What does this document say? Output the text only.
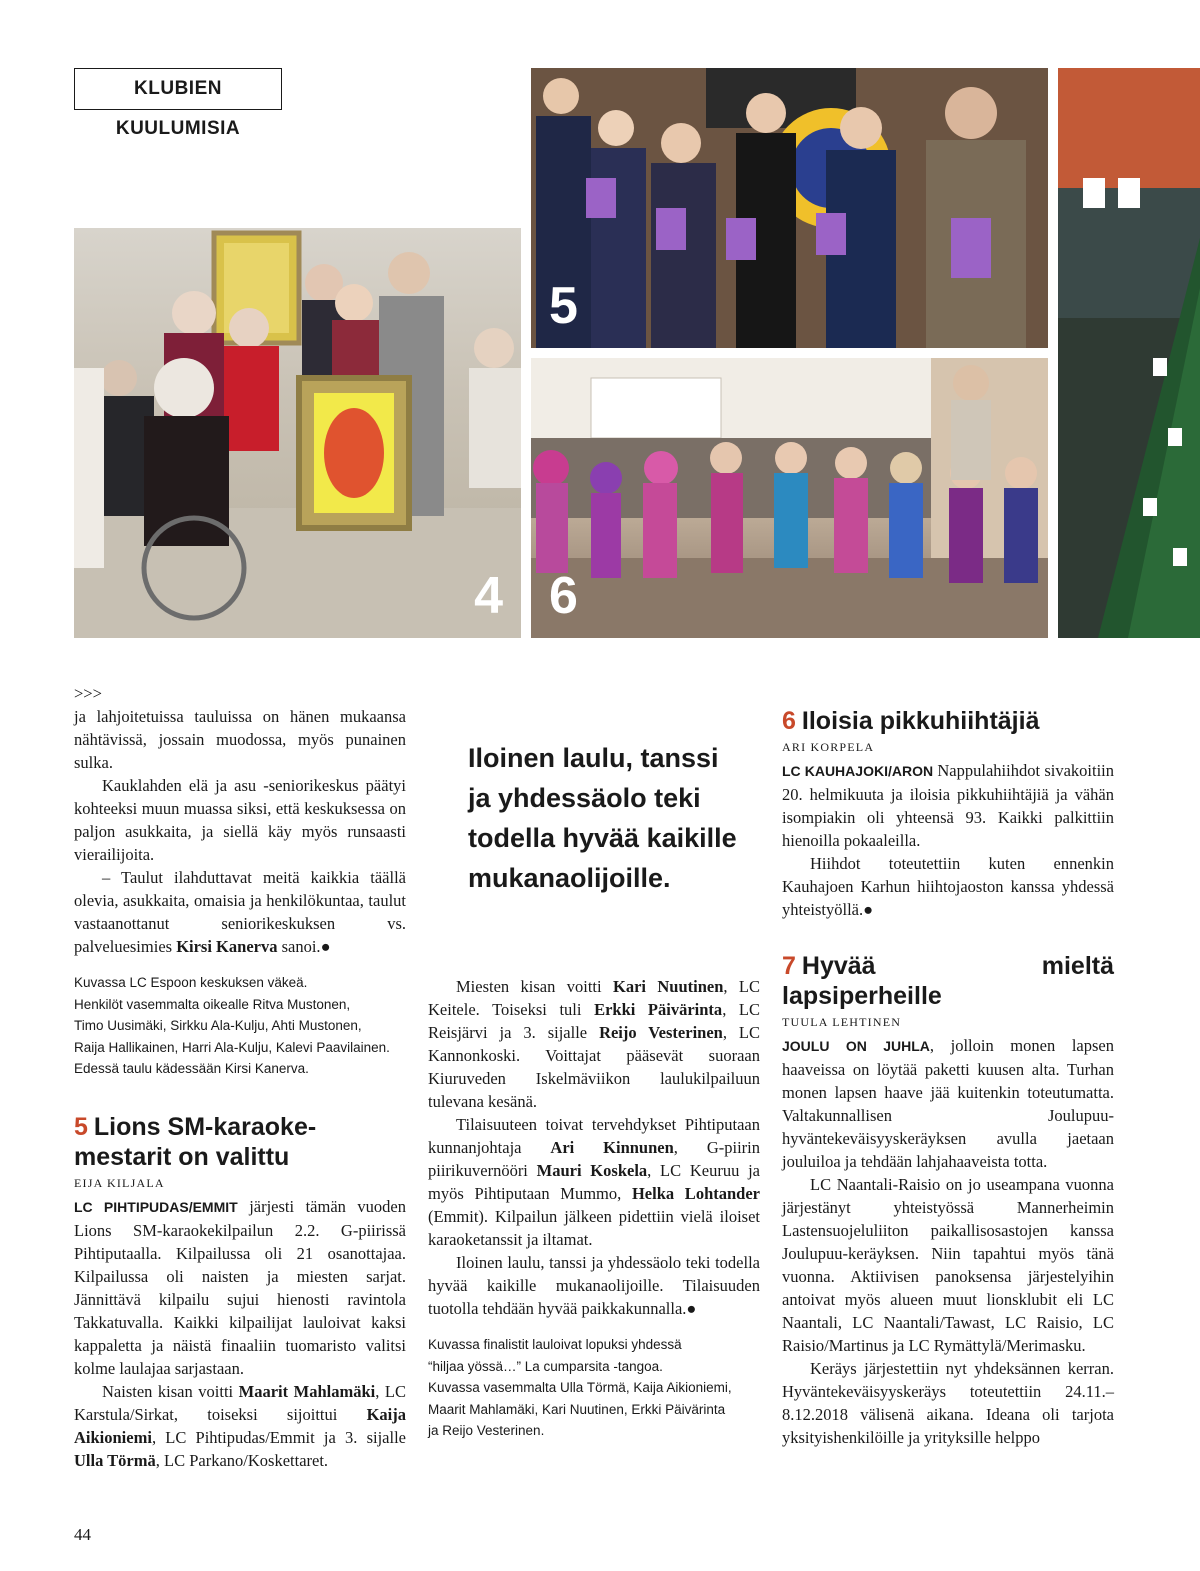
KLUBIEN KUULUMISIA
4
5
6

>>>

ja lahjoitetuissa tauluissa on hänen mukaansa nähtävissä, jossain muodossa, myös punainen sulka.

Kauklahden elä ja asu -seniorikeskus päätyi kohteeksi muun muassa siksi, että keskuksessa on paljon asukkaita, ja siellä käy myös runsaasti vierailijoita.

– Taulut ilahduttavat meitä kaikkia täällä olevia, asukkaita, omaisia ja henkilökuntaa, taulut vastaanottanut seniorikeskuksen vs. palveluesimies Kirsi Kanerva sanoi.●

Kuvassa LC Espoon keskuksen väkeä.

Henkilöt vasemmalta oikealle Ritva Mustonen,

Timo Uusimäki, Sirkku Ala-Kulju, Ahti Mustonen,

Raija Hallikainen, Harri Ala-Kulju, Kalevi Paavilainen.

Edessä taulu kädessään Kirsi Kanerva.

5 Lions SM-karaoke-

mestarit on valittu

EIJA KILJALA

LC PIHTIPUDAS/EMMIT järjesti tämän vuoden Lions SM-karaokekilpailun 2.2. G-piirissä Pihtiputaalla. Kilpailussa oli 21 osanottajaa. Kilpailussa oli naisten ja miesten sarjat. Jännittävä kilpailu sujui hienosti ravintola Takkatuvalla. Kaikki kilpailijat lauloivat kaksi kappaletta ja näistä finaaliin tuomaristo valitsi kolme laulajaa sarjastaan.

Naisten kisan voitti Maarit Mahlamäki, LC Karstula/Sirkat, toiseksi sijoittui Kaija Aikioniemi, LC Pihtipudas/Emmit ja 3. sijalle Ulla Törmä, LC Parkano/Koskettaret.

Iloinen laulu, tanssi ja yhdessäolo teki todella hyvää kaikille mukanaolijoille.

Miesten kisan voitti Kari Nuutinen, LC Keitele. Toiseksi tuli Erkki Päivärinta, LC Reisjärvi ja 3. sijalle Reijo Vesterinen, LC Kannonkoski. Voittajat pääsevät suoraan Kiuruveden Iskelmäviikon laulukilpailuun tulevana kesänä.

Tilaisuuteen toivat tervehdykset Pihtiputaan kunnanjohtaja Ari Kinnunen, G-piirin piirikuvernööri Mauri Koskela, LC Keuruu ja myös Pihtiputaan Mummo, Helka Lohtander (Emmit). Kilpailun jälkeen pidettiin vielä iloiset karaoketanssit ja iltamat.

Iloinen laulu, tanssi ja yhdessäolo teki todella hyvää kaikille mukanaolijoille. Tilaisuuden tuotolla tehdään hyvää paikkakunnalla.●

Kuvassa finalistit lauloivat lopuksi yhdessä

“hiljaa yössä…” La cumparsita -tangoa.

Kuvassa vasemmalta Ulla Törmä, Kaija Aikioniemi,

Maarit Mahlamäki, Kari Nuutinen, Erkki Päivärinta

ja Reijo Vesterinen.

6 Iloisia pikkuhiihtäjiä

ARI KORPELA

LC KAUHAJOKI/ARON Nappulahiihdot sivakoitiin 20. helmikuuta ja iloisia pikkuhiihtäjiä ja vähän isompiakin oli yhteensä 93. Kaikki palkittiin hienoilla pokaaleilla.

Hiihdot toteutettiin kuten ennenkin Kauhajoen Karhun hiihtojaoston kanssa yhdessä yhteistyöllä.●

7 Hyvää mieltä lapsiperheille

TUULA LEHTINEN

JOULU ON JUHLA, jolloin monen lapsen haaveissa on löytää paketti kuusen alta. Turhan monen lapsen haave jää kuitenkin toteutumatta. Valtakunnallisen Joulupuu-hyväntekeväisyyskeräyksen avulla jaetaan jouluiloa ja tehdään lahjahaaveista totta.

LC Naantali-Raisio on jo useampana vuonna järjestänyt yhteistyössä Mannerheimin Lastensuojeluliiton paikallisosastojen kanssa Joulupuu-keräyksen. Niin tapahtui myös tänä vuonna. Aktiivisen panoksensa järjestelyihin antoivat myös alueen muut lionsklubit eli LC Naantali, LC Naantali/Tawast, LC Raisio, LC Raisio/Martinus ja LC Rymättylä/Merimasku.

Keräys järjestettiin nyt yhdeksännen kerran. Hyväntekeväisyyskeräys toteutettiin 24.11.–8.12.2018 välisenä aikana. Ideana oli tarjota yksityishenkilöille ja yrityksille helppo

44
